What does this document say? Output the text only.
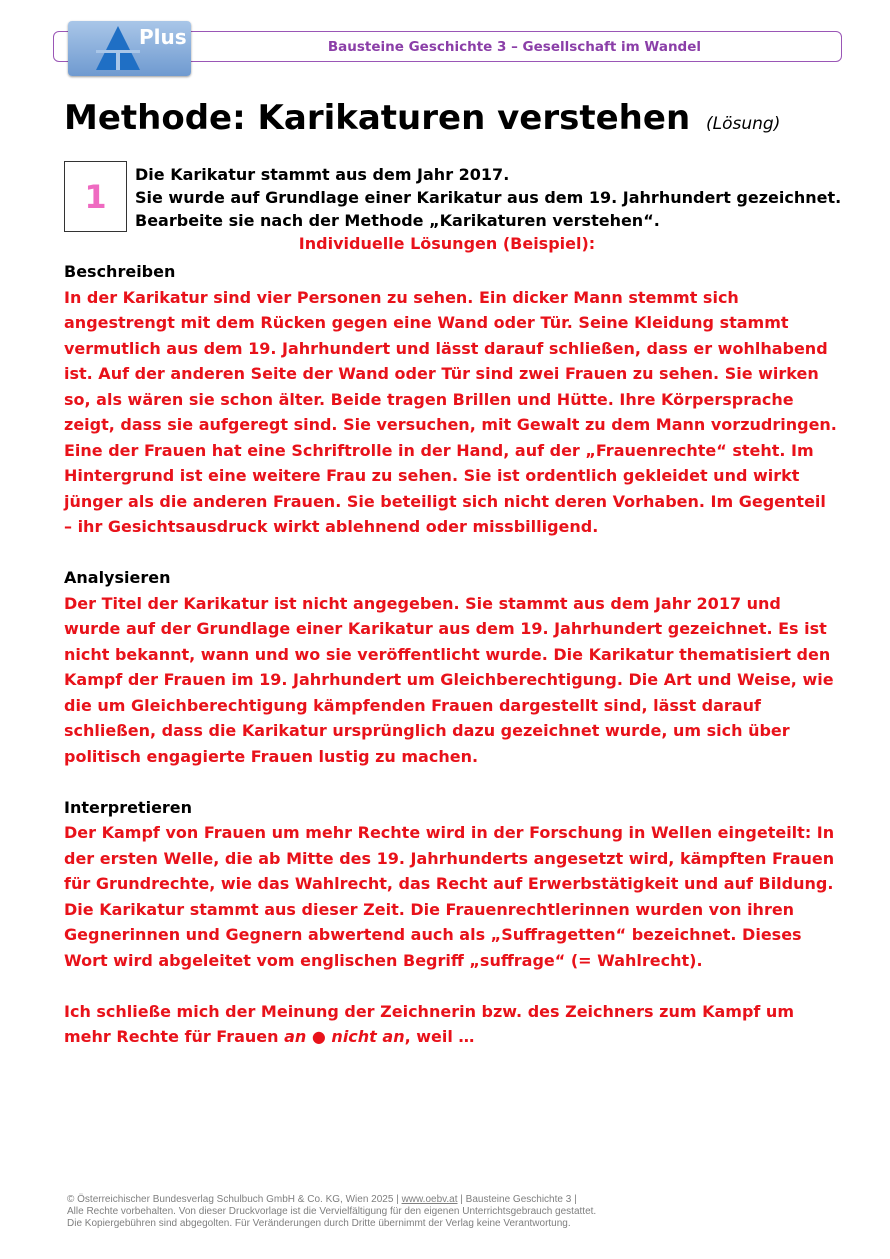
Bausteine Geschichte 3 – Gesellschaft im Wandel
Plus
Methode: Karikaturen verstehen (Lösung)
1
Die Karikatur stammt aus dem Jahr 2017.
Sie wurde auf Grundlage einer Karikatur aus dem 19. Jahrhundert gezeichnet.
Bearbeite sie nach der Methode „Karikaturen verstehen“.
Individuelle Lösungen (Beispiel):
Beschreiben
In der Karikatur sind vier Personen zu sehen. Ein dicker Mann stemmt sich angestrengt mit dem Rücken gegen eine Wand oder Tür. Seine Kleidung stammt vermutlich aus dem 19. Jahrhundert und lässt darauf schließen, dass er wohlhabend ist. Auf der anderen Seite der Wand oder Tür sind zwei Frauen zu sehen. Sie wirken so, als wären sie schon älter. Beide tragen Brillen und Hütte. Ihre Körpersprache zeigt, dass sie aufgeregt sind. Sie versuchen, mit Gewalt zu dem Mann vorzudringen. Eine der Frauen hat eine Schriftrolle in der Hand, auf der „Frauenrechte“ steht. Im Hintergrund ist eine weitere Frau zu sehen. Sie ist ordentlich gekleidet und wirkt jünger als die anderen Frauen. Sie beteiligt sich nicht deren Vorhaben. Im Gegenteil – ihr Gesichtsausdruck wirkt ablehnend oder missbilligend.
Analysieren
Der Titel der Karikatur ist nicht angegeben. Sie stammt aus dem Jahr 2017 und wurde auf der Grundlage einer Karikatur aus dem 19. Jahrhundert gezeichnet. Es ist nicht bekannt, wann und wo sie veröffentlicht wurde. Die Karikatur thematisiert den Kampf der Frauen im 19. Jahrhundert um Gleichberechtigung. Die Art und Weise, wie die um Gleichberechtigung kämpfenden Frauen dargestellt sind, lässt darauf schließen, dass die Karikatur ursprünglich dazu gezeichnet wurde, um sich über politisch engagierte Frauen lustig zu machen.
Interpretieren
Der Kampf von Frauen um mehr Rechte wird in der Forschung in Wellen eingeteilt: In der ersten Welle, die ab Mitte des 19. Jahrhunderts angesetzt wird, kämpften Frauen für Grundrechte, wie das Wahlrecht, das Recht auf Erwerbstätigkeit und auf Bildung. Die Karikatur stammt aus dieser Zeit. Die Frauenrechtlerinnen wurden von ihren Gegnerinnen und Gegnern abwertend auch als „Suffragetten“ bezeichnet. Dieses Wort wird abgeleitet vom englischen Begriff „suffrage“ (= Wahlrecht).
Ich schließe mich der Meinung der Zeichnerin bzw. des Zeichners zum Kampf um mehr Rechte für Frauen an ● nicht an, weil …
© Österreichischer Bundesverlag Schulbuch GmbH & Co. KG, Wien 2025 | www.oebv.at | Bausteine Geschichte 3 |
Alle Rechte vorbehalten. Von dieser Druckvorlage ist die Vervielfältigung für den eigenen Unterrichtsgebrauch gestattet.
Die Kopiergebühren sind abgegolten. Für Veränderungen durch Dritte übernimmt der Verlag keine Verantwortung.
